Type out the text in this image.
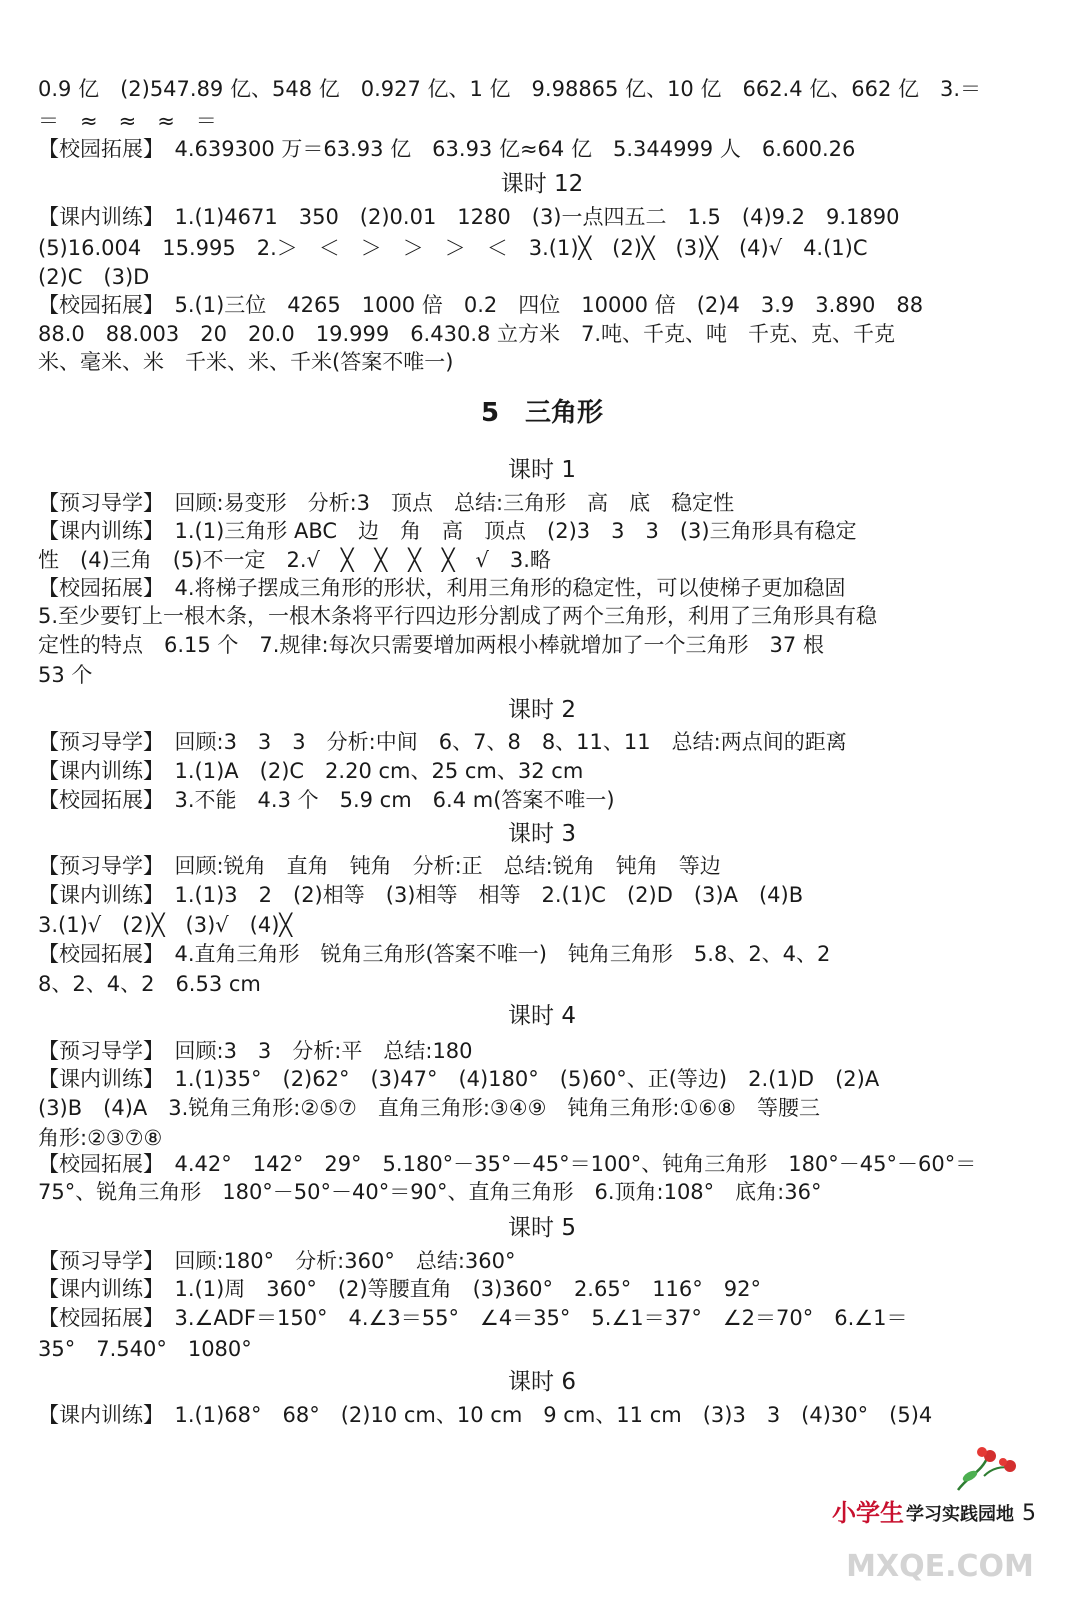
0.9 亿　(2)547.89 亿、548 亿　0.927 亿、1 亿　9.98865 亿、10 亿　662.4 亿、662 亿　3.＝
＝　≈　≈　≈　＝
【校园拓展】　4.639300 万＝63.93 亿　63.93 亿≈64 亿　5.344999 人　6.600.26
课时 12
【课内训练】　1.(1)4671　350　(2)0.01　1280　(3)一点四五二　1.5　(4)9.2　9.1890
(5)16.004　15.995　2.＞　＜　＞　＞　＞　＜　3.(1)╳　(2)╳　(3)╳　(4)√　4.(1)C
(2)C　(3)D
【校园拓展】　5.(1)三位　4265　1000 倍　0.2　四位　10000 倍　(2)4　3.9　3.890　88
88.0　88.003　20　20.0　19.999　6.430.8 立方米　7.吨、千克、吨　千克、克、千克
米、毫米、米　千米、米、千米(答案不唯一)
5　三角形
课时 1
【预习导学】　回顾:易变形　分析:3　顶点　总结:三角形　高　底　稳定性
【课内训练】　1.(1)三角形 ABC　边　角　高　顶点　(2)3　3　3　(3)三角形具有稳定
性　(4)三角　(5)不一定　2.√　╳　╳　╳　╳　√　3.略
【校园拓展】　4.将梯子摆成三角形的形状，利用三角形的稳定性，可以使梯子更加稳固
5.至少要钉上一根木条，一根木条将平行四边形分割成了两个三角形，利用了三角形具有稳
定性的特点　6.15 个　7.规律:每次只需要增加两根小棒就增加了一个三角形　37 根
53 个
课时 2
【预习导学】　回顾:3　3　3　分析:中间　6、7、8　8、11、11　总结:两点间的距离
【课内训练】　1.(1)A　(2)C　2.20 cm、25 cm、32 cm
【校园拓展】　3.不能　4.3 个　5.9 cm　6.4 m(答案不唯一)
课时 3
【预习导学】　回顾:锐角　直角　钝角　分析:正　总结:锐角　钝角　等边
【课内训练】　1.(1)3　2　(2)相等　(3)相等　相等　2.(1)C　(2)D　(3)A　(4)B
3.(1)√　(2)╳　(3)√　(4)╳
【校园拓展】　4.直角三角形　锐角三角形(答案不唯一)　钝角三角形　5.8、2、4、2
8、2、4、2　6.53 cm
课时 4
【预习导学】　回顾:3　3　分析:平　总结:180
【课内训练】　1.(1)35°　(2)62°　(3)47°　(4)180°　(5)60°、正(等边)　2.(1)D　(2)A
(3)B　(4)A　3.锐角三角形:②⑤⑦　直角三角形:③④⑨　钝角三角形:①⑥⑧　等腰三
角形:②③⑦⑧
【校园拓展】　4.42°　142°　29°　5.180°－35°－45°＝100°、钝角三角形　180°－45°－60°＝
75°、锐角三角形　180°－50°－40°＝90°、直角三角形　6.顶角:108°　底角:36°
课时 5
【预习导学】　回顾:180°　分析:360°　总结:360°
【课内训练】　1.(1)周　360°　(2)等腰直角　(3)360°　2.65°　116°　92°
【校园拓展】　3.∠ADF＝150°　4.∠3＝55°　∠4＝35°　5.∠1＝37°　∠2＝70°　6.∠1＝
35°　7.540°　1080°
课时 6
【课内训练】　1.(1)68°　68°　(2)10 cm、10 cm　9 cm、11 cm　(3)3　3　(4)30°　(5)4
小学生 学习实践园地 5
MXQE.COM
